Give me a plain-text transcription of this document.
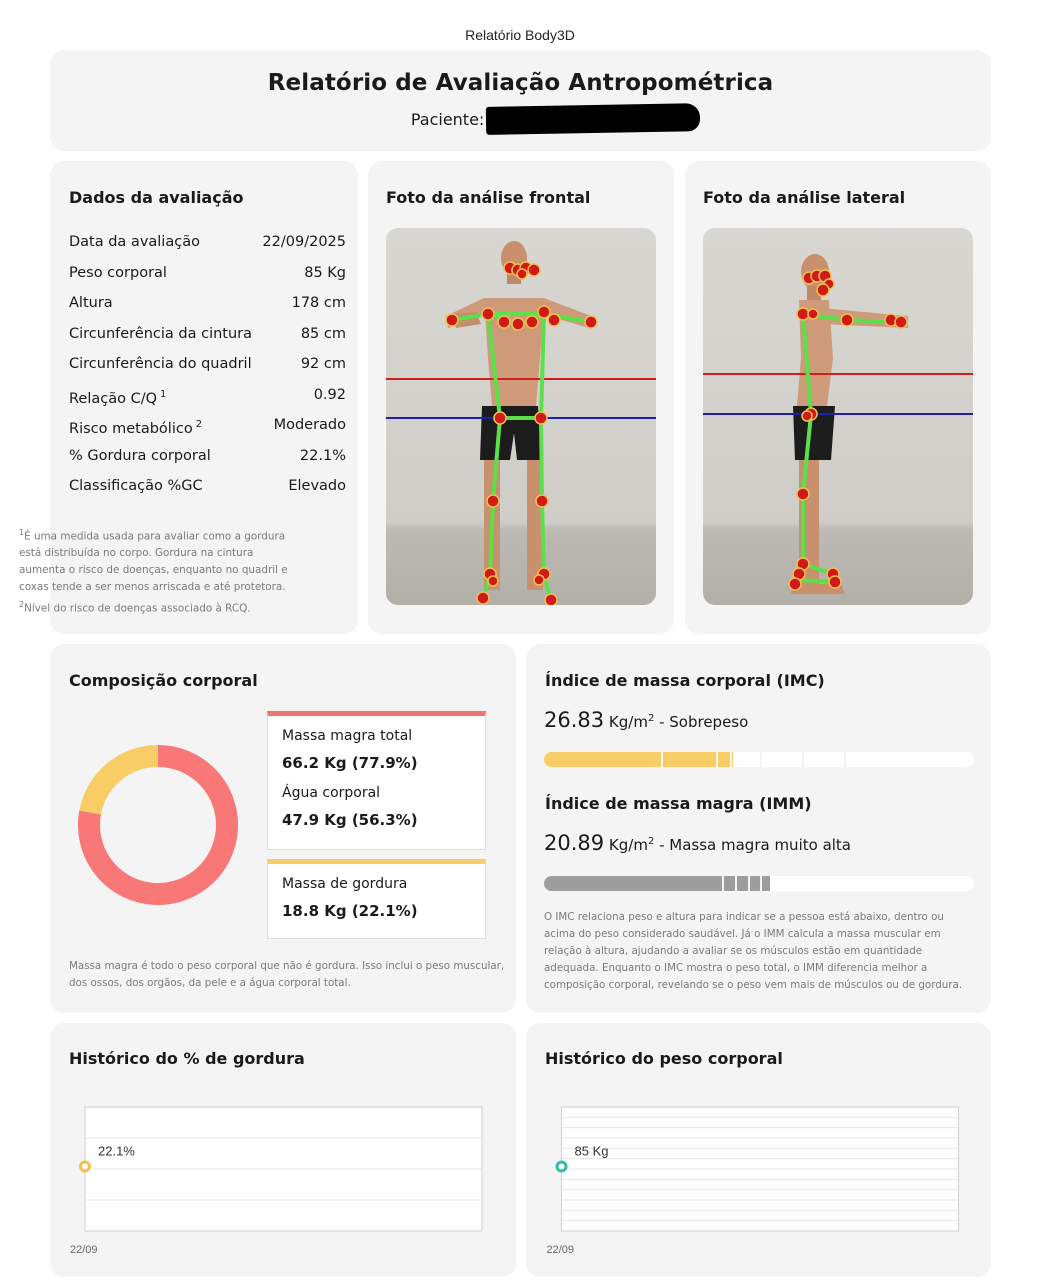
Relatório Body3D
Relatório de Avaliação Antropométrica
Paciente:
Dados da avaliação
Data da avaliação	22/09/2025
Peso corporal	85 Kg
Altura	178 cm
Circunferência da cintura	85 cm
Circunferência do quadril	92 cm
Relação C/Q $^1$	0.92
Risco metabólico $^2$	Moderado
% Gordura corporal	22.1%
Classificação %GC	Elevado
$^1$É uma medida usada para avaliar como a gordura está distribuída no corpo. Gordura na cintura aumenta o risco de doenças, enquanto no quadril e coxas tende a ser menos arriscada e até protetora.
$^2$Nível do risco de doenças associado à RCQ.
Foto da análise frontal	Foto da análise lateral
Composição corporal
Massa magra total
66.2 Kg (77.9%)
Água corporal
47.9 Kg (56.3%)
Massa de gordura
18.8 Kg (22.1%)
Massa magra é todo o peso corporal que não é gordura. Isso inclui o peso muscular, dos ossos, dos orgãos, da pele e a água corporal total.
Índice de massa corporal (IMC)
26.83 $Kg/m^2$ - Sobrepeso
Índice de massa magra (IMM)
20.89 $Kg/m^2$ - Massa magra muito alta
O IMC relaciona peso e altura para indicar se a pessoa está abaixo, dentro ou acima do peso considerado saudável. Já o IMM calcula a massa muscular em relação à altura, ajudando a avaliar se os músculos estão em quantidade adequada. Enquanto o IMC mostra o peso total, o IMM diferencia melhor a composição corporal, revelando se o peso vem mais de músculos ou de gordura.
Histórico do % de gordura
22.1%
22/09
Histórico do peso corporal
85 Kg
22/09
